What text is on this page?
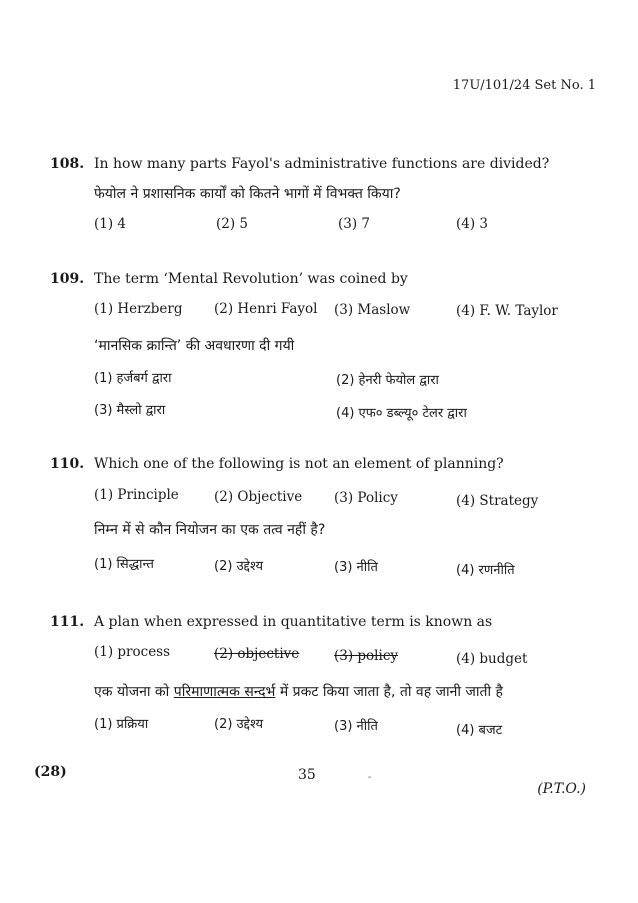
17U/101/24 Set No. 1
108. In how many parts Fayol's administrative functions are divided?
फेयोल ने प्रशासनिक कार्यों को कितने भागों में विभक्त किया?
(1) 4	(2) 5	(3) 7	(4) 3
109. The term ‘Mental Revolution’ was coined by
(1) Herzberg (2) Henri Fayol (3) Maslow	(4) F. W. Taylor
‘मानसिक क्रान्ति’ की अवधारणा दी गयी
(1) हर्जबर्ग द्वारा	(2) हेनरी फेयोल द्वारा
(3) मैस्लो द्वारा	(4) एफ० डब्ल्यू० टेलर द्वारा
110. Which one of the following is not an element of planning?
(1) Principle	(2) Objective (3) Policy	(4) Strategy
निम्न में से कौन नियोजन का एक तत्व नहीं है?
(1) सिद्धान्त	(2) उद्देश्य	(3) नीति	(4) रणनीति
111. A plan when expressed in quantitative term is known as
(1) process	(2) objective	(3) policy	(4) budget
एक योजना को परिमाणात्मक सन्दर्भ में प्रकट किया जाता है, तो वह जानी जाती है
(1) प्रक्रिया	(2) उद्देश्य	(3) नीति	(4) बजट
(28)	35	-
(P.T.O.)
